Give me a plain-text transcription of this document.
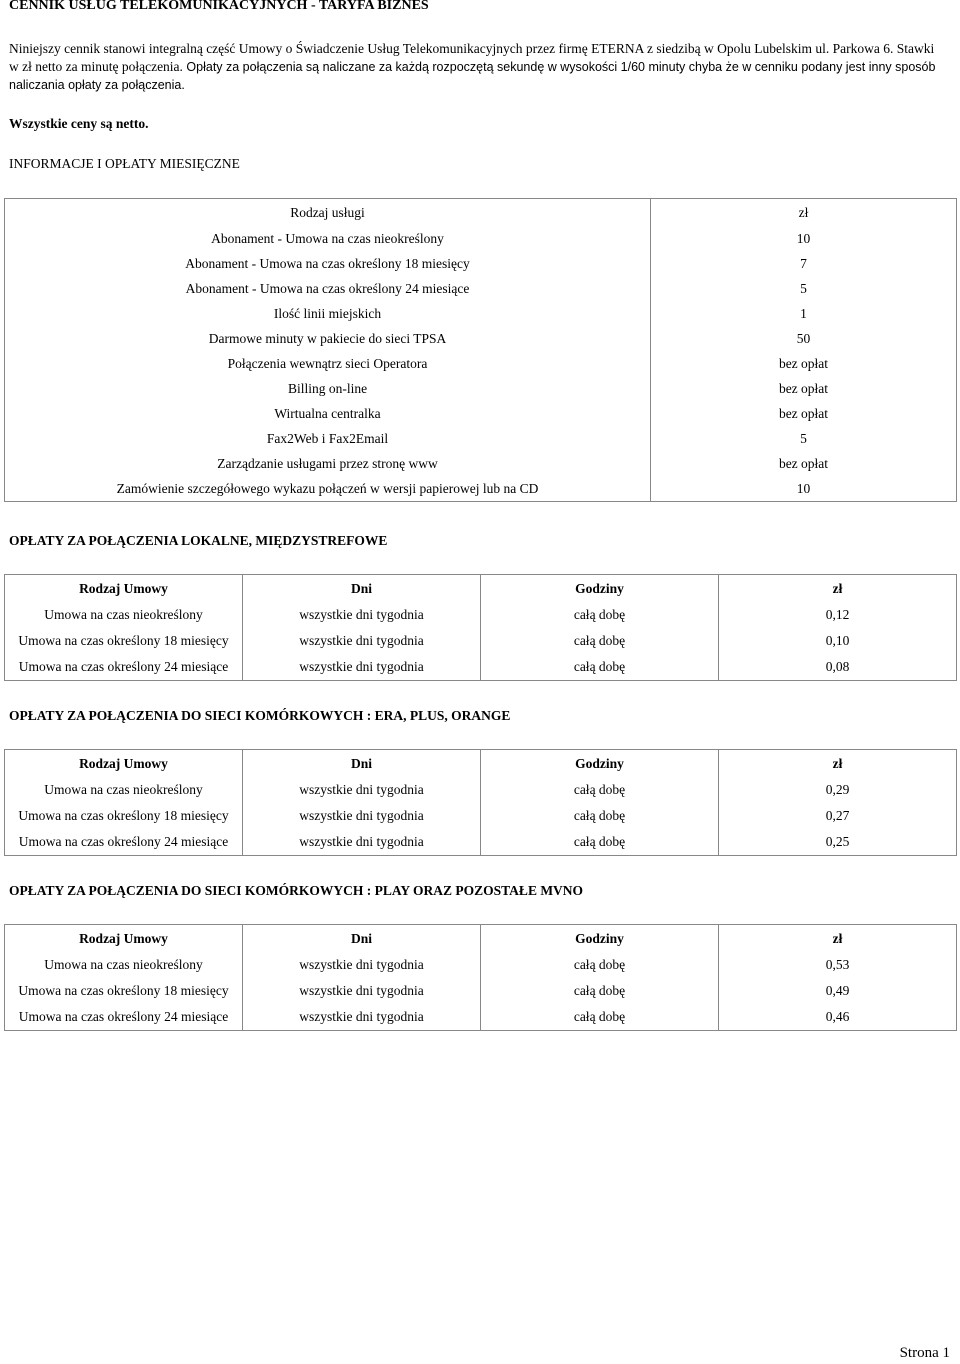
CENNIK USŁUG TELEKOMUNIKACYJNYCH - TARYFA BIZNES

Niniejszy cennik stanowi integralną część Umowy o Świadczenie Usług Telekomunikacyjnych przez firmę ETERNA z siedzibą w Opolu Lubelskim ul. Parkowa 6. Stawki w zł netto za minutę połączenia. Opłaty za połączenia są naliczane za każdą rozpoczętą sekundę w wysokości 1/60 minuty chyba że w cenniku podany jest inny sposób naliczania opłaty za połączenia.

Wszystkie ceny są netto.

INFORMACJE I OPŁATY MIESIĘCZNE

Rodzaj usługi	zł
Abonament - Umowa na czas nieokreślony	10
Abonament - Umowa na czas określony 18 miesięcy	7
Abonament - Umowa na czas określony 24 miesiące	5
Ilość linii miejskich	1
Darmowe minuty w pakiecie do sieci TPSA	50
Połączenia wewnątrz sieci Operatora	bez opłat
Billing on-line	bez opłat
Wirtualna centralka	bez opłat
Fax2Web i Fax2Email	5
Zarządzanie usługami przez stronę www	bez opłat
Zamówienie szczegółowego wykazu połączeń w wersji papierowej lub na CD	10

OPŁATY ZA POŁĄCZENIA LOKALNE, MIĘDZYSTREFOWE

Rodzaj Umowy	Dni	Godziny	zł
Umowa na czas nieokreślony	wszystkie dni tygodnia	całą dobę	0,12
Umowa na czas określony 18 miesięcy	wszystkie dni tygodnia	całą dobę	0,10
Umowa na czas określony 24 miesiące	wszystkie dni tygodnia	całą dobę	0,08

OPŁATY ZA POŁĄCZENIA DO SIECI KOMÓRKOWYCH : ERA, PLUS, ORANGE

Rodzaj Umowy	Dni	Godziny	zł
Umowa na czas nieokreślony	wszystkie dni tygodnia	całą dobę	0,29
Umowa na czas określony 18 miesięcy	wszystkie dni tygodnia	całą dobę	0,27
Umowa na czas określony 24 miesiące	wszystkie dni tygodnia	całą dobę	0,25

OPŁATY ZA POŁĄCZENIA DO SIECI KOMÓRKOWYCH : PLAY ORAZ POZOSTAŁE MVNO

Rodzaj Umowy	Dni	Godziny	zł
Umowa na czas nieokreślony	wszystkie dni tygodnia	całą dobę	0,53
Umowa na czas określony 18 miesięcy	wszystkie dni tygodnia	całą dobę	0,49
Umowa na czas określony 24 miesiące	wszystkie dni tygodnia	całą dobę	0,46

Strona 1
